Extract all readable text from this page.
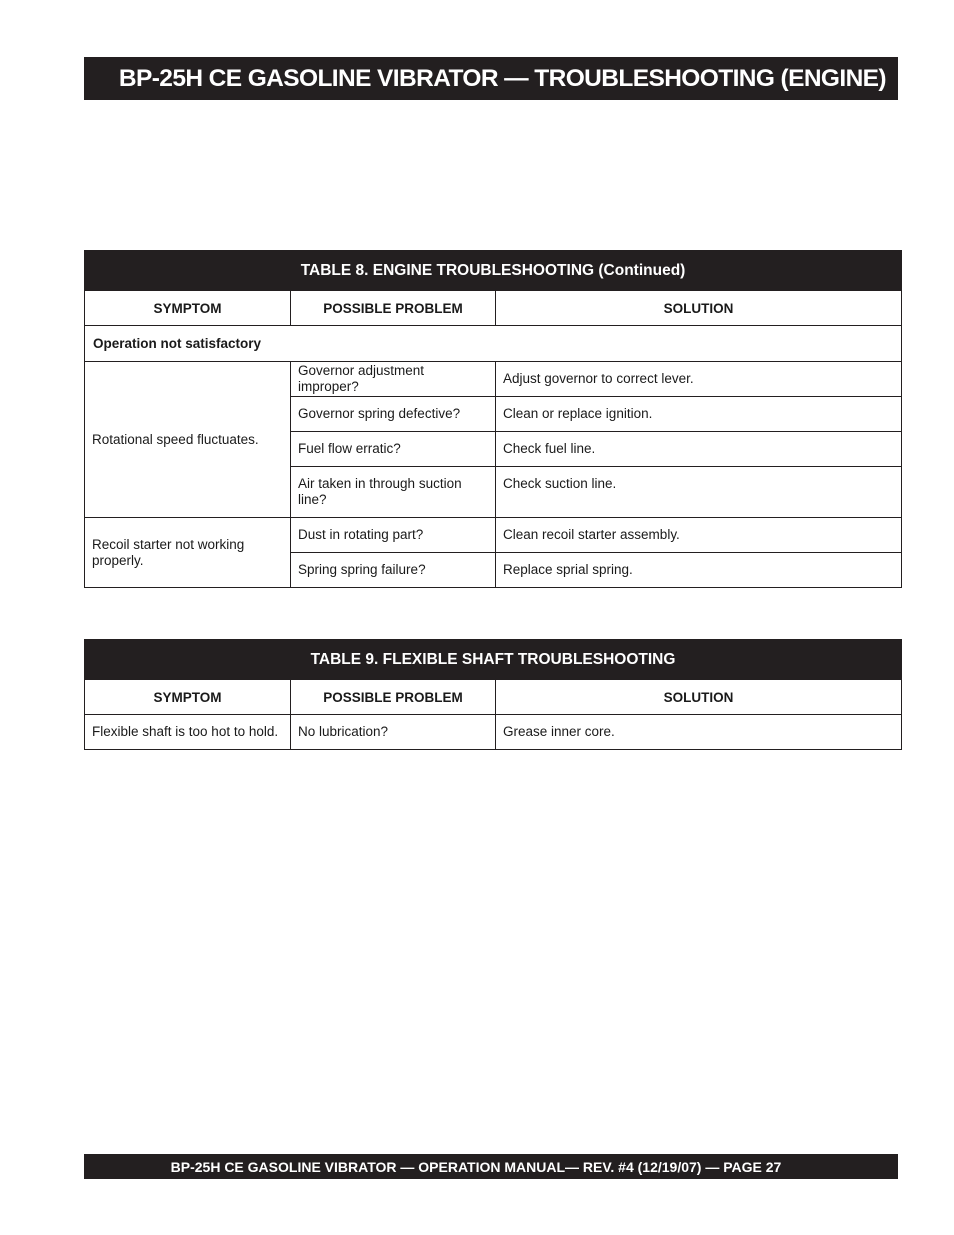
BP-25H CE GASOLINE VIBRATOR — TROUBLESHOOTING (ENGINE)
TABLE 8. ENGINE TROUBLESHOOTING (Continued)		
SYMPTOM	POSSIBLE PROBLEM	SOLUTION
Operation not satisfactory		
Rotational speed fluctuates.	Governor adjustment improper?	Adjust governor to correct lever.
	Governor spring defective?	Clean or replace ignition.
	Fuel flow erratic?	Check fuel line.
	Air taken in through suction line?	Check suction line.
Recoil starter not working properly.	Dust in rotating part?	Clean recoil starter assembly.
	Spring spring failure?	Replace sprial spring.
TABLE 9. FLEXIBLE SHAFT TROUBLESHOOTING		
SYMPTOM	POSSIBLE PROBLEM	SOLUTION
Flexible shaft is too hot to hold.	No lubrication?	Grease inner core.
BP-25H CE GASOLINE VIBRATOR — OPERATION MANUAL— REV. #4 (12/19/07) — PAGE 27
